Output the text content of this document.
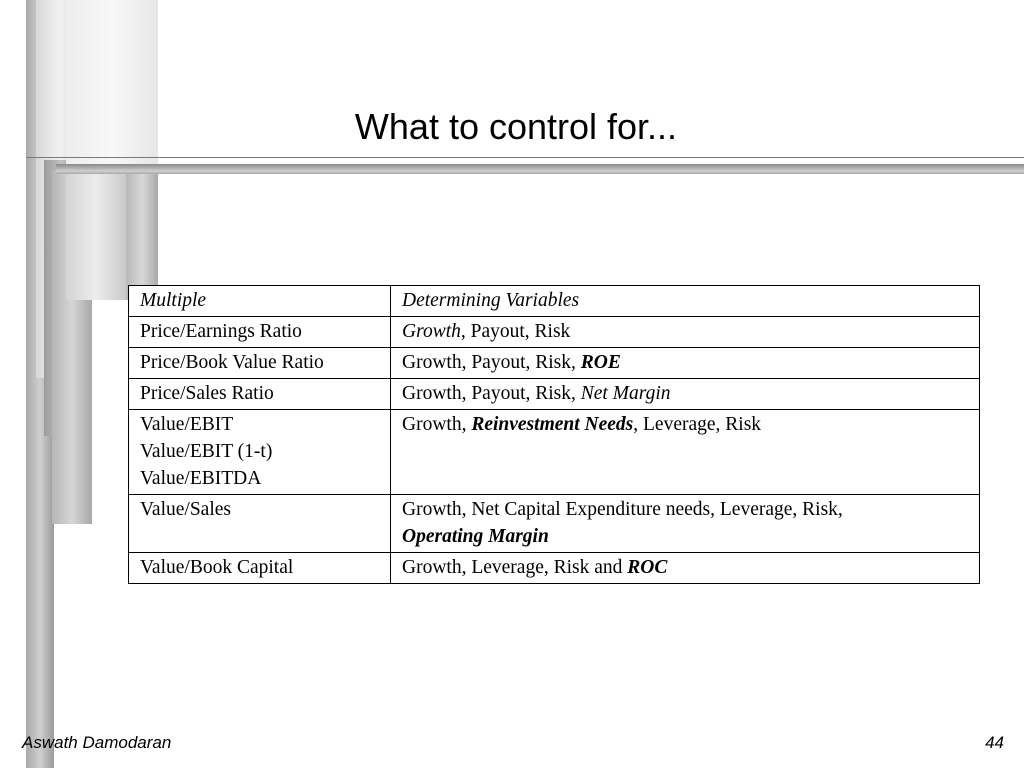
What to control for...
Multiple	Determining Variables

Price/Earnings Ratio	Growth, Payout, Risk

Price/Book Value Ratio	Growth, Payout, Risk, ROE

Price/Sales Ratio	Growth, Payout, Risk, Net Margin

Value/EBIT
Value/EBIT (1-t)
Value/EBITDA	Growth, Reinvestment Needs, Leverage, Risk

Value/Sales	Growth, Net Capital Expenditure needs, Leverage, Risk,
Operating Margin

Value/Book Capital	Growth, Leverage, Risk and ROC
Aswath Damodaran	44
